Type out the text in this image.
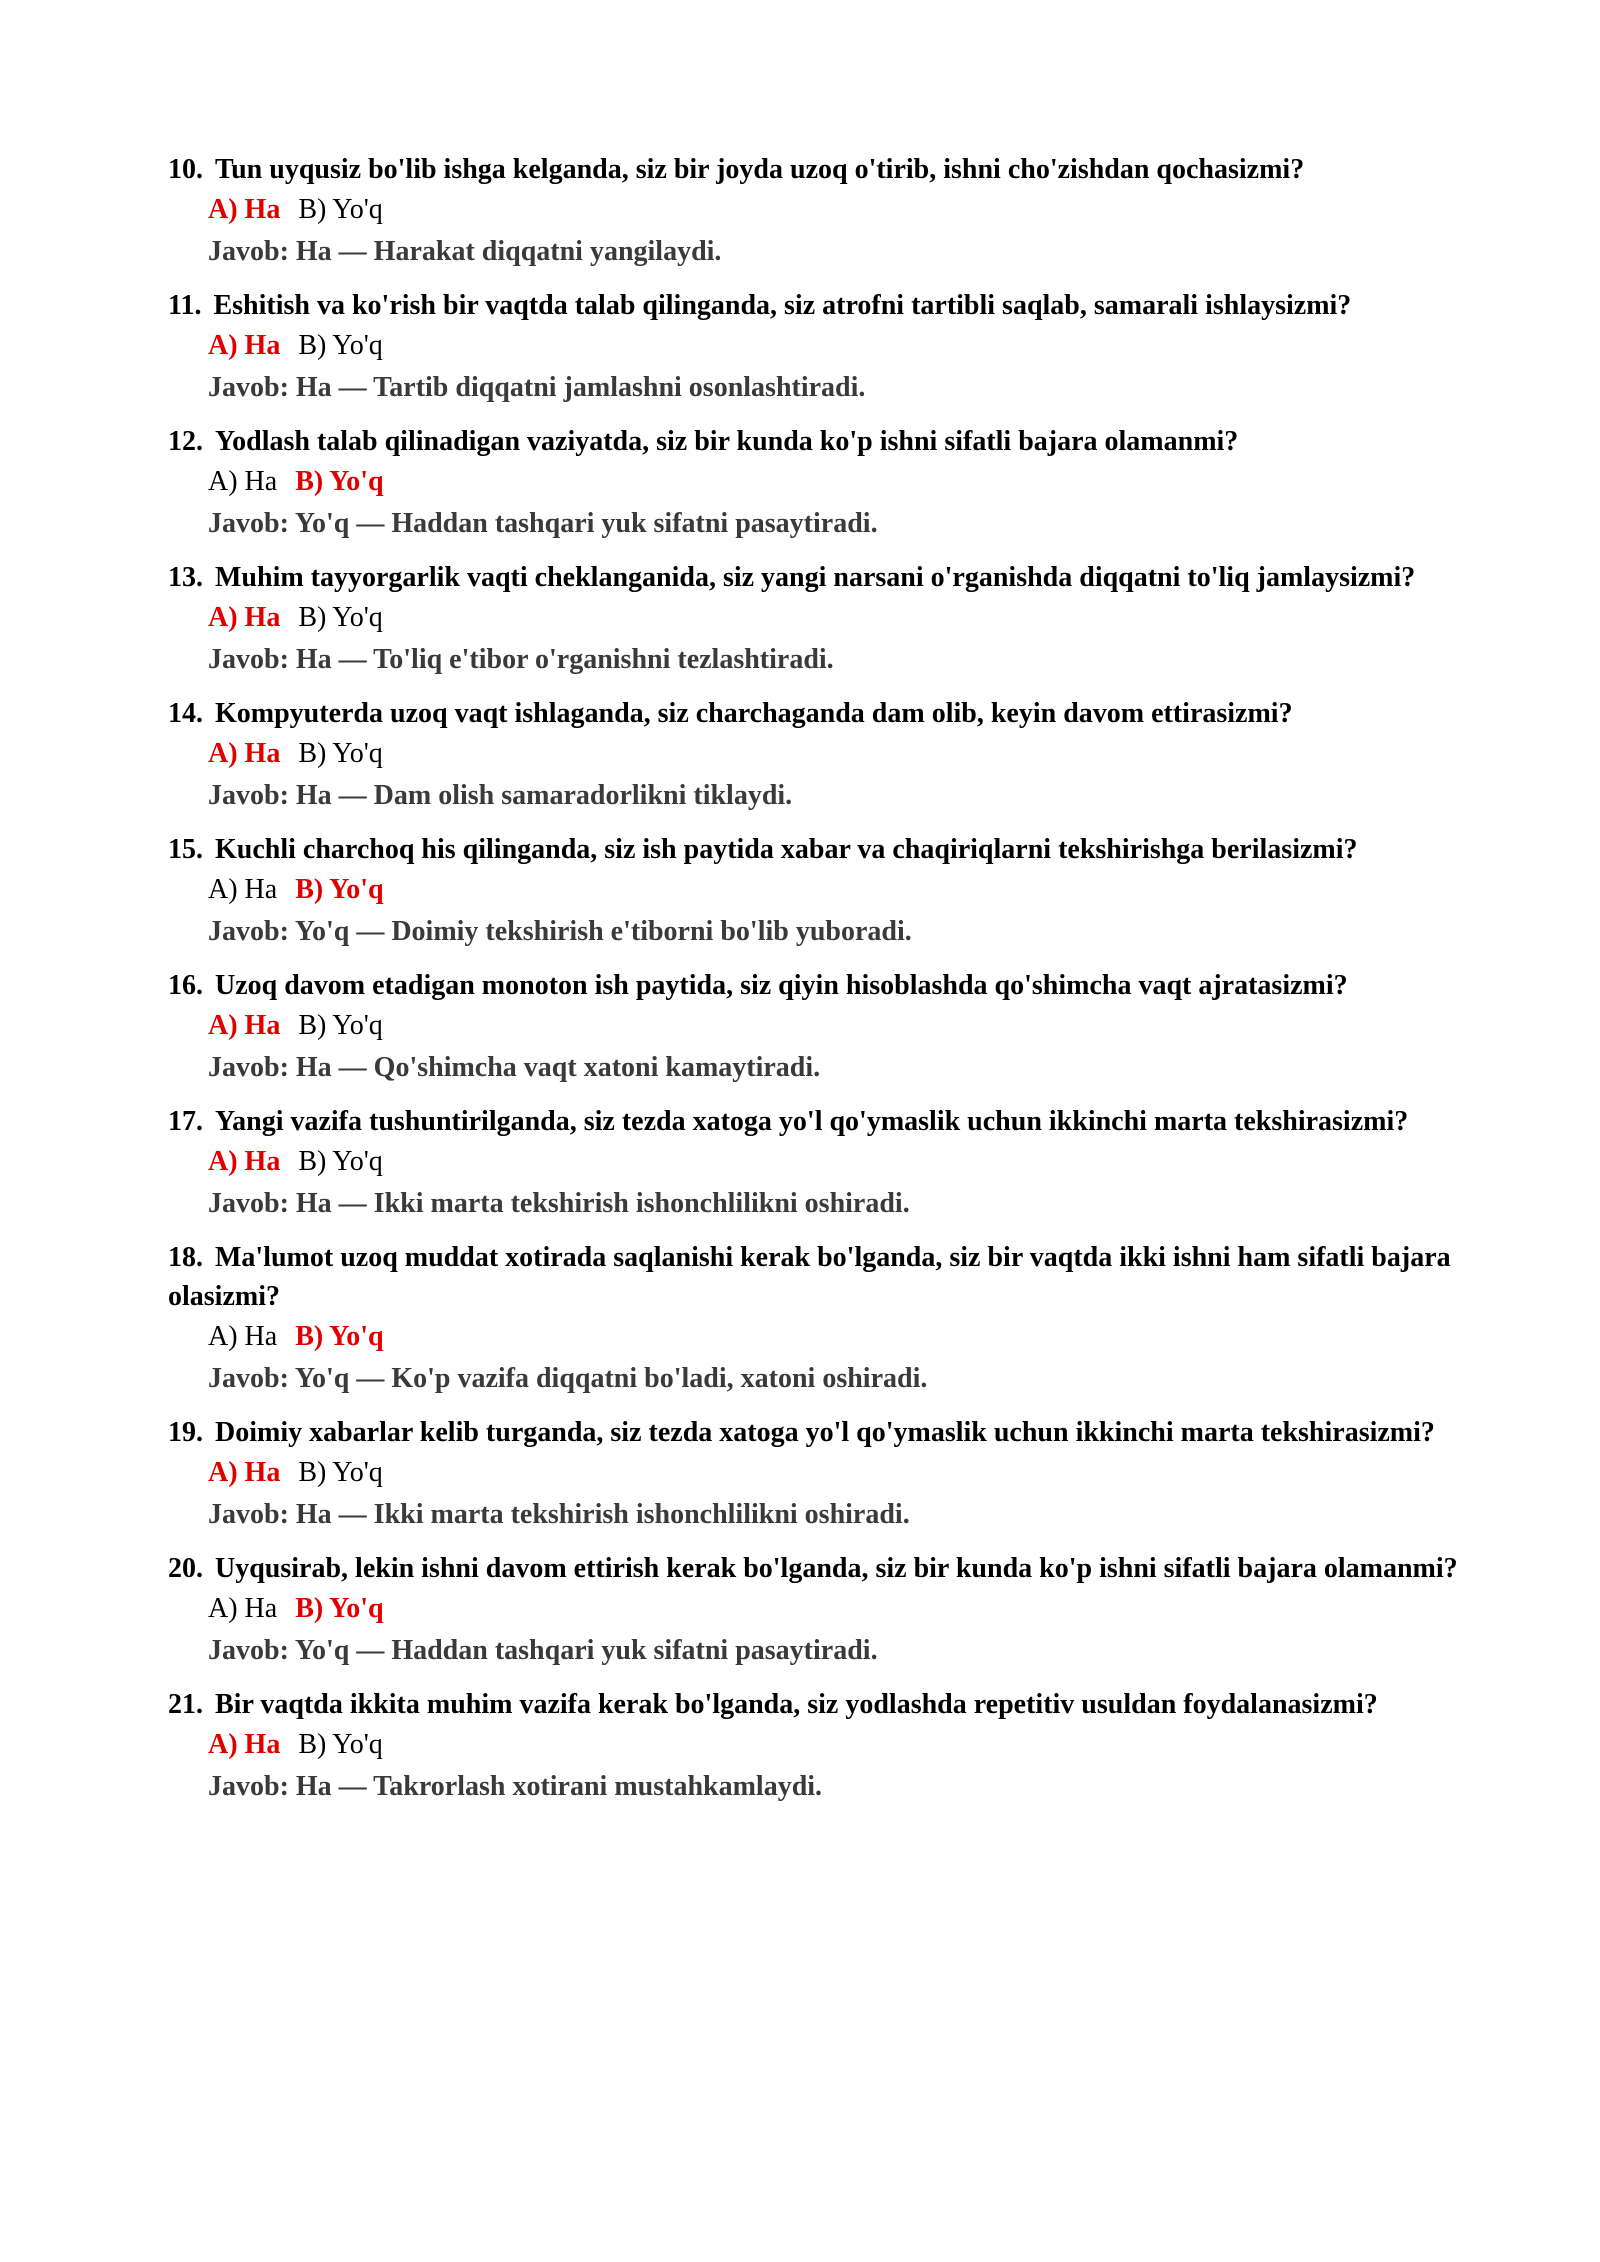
10. Tun uyqusiz bo'lib ishga kelganda, siz bir joyda uzoq o'tirib, ishni cho'zishdan qochasizmi?

A) Ha B) Yo'q
Javob: Ha — Harakat diqqatni yangilaydi.

11. Eshitish va ko'rish bir vaqtda talab qilinganda, siz atrofni tartibli saqlab, samarali ishlaysizmi?

A) Ha B) Yo'q
Javob: Ha — Tartib diqqatni jamlashni osonlashtiradi.

12. Yodlash talab qilinadigan vaziyatda, siz bir kunda ko'p ishni sifatli bajara olamanmi?

A) Ha B) Yo'q
Javob: Yo'q — Haddan tashqari yuk sifatni pasaytiradi.

13. Muhim tayyorgarlik vaqti cheklanganida, siz yangi narsani o'rganishda diqqatni to'liq jamlaysizmi?

A) Ha B) Yo'q
Javob: Ha — To'liq e'tibor o'rganishni tezlashtiradi.

14. Kompyuterda uzoq vaqt ishlaganda, siz charchaganda dam olib, keyin davom ettirasizmi?

A) Ha B) Yo'q
Javob: Ha — Dam olish samaradorlikni tiklaydi.

15. Kuchli charchoq his qilinganda, siz ish paytida xabar va chaqiriqlarni tekshirishga berilasizmi?

A) Ha B) Yo'q
Javob: Yo'q — Doimiy tekshirish e'tiborni bo'lib yuboradi.

16. Uzoq davom etadigan monoton ish paytida, siz qiyin hisoblashda qo'shimcha vaqt ajratasizmi?

A) Ha B) Yo'q
Javob: Ha — Qo'shimcha vaqt xatoni kamaytiradi.

17. Yangi vazifa tushuntirilganda, siz tezda xatoga yo'l qo'ymaslik uchun ikkinchi marta tekshirasizmi?

A) Ha B) Yo'q
Javob: Ha — Ikki marta tekshirish ishonchlilikni oshiradi.

18. Ma'lumot uzoq muddat xotirada saqlanishi kerak bo'lganda, siz bir vaqtda ikki ishni ham sifatli bajara olasizmi?

A) Ha B) Yo'q
Javob: Yo'q — Ko'p vazifa diqqatni bo'ladi, xatoni oshiradi.

19. Doimiy xabarlar kelib turganda, siz tezda xatoga yo'l qo'ymaslik uchun ikkinchi marta tekshirasizmi?

A) Ha B) Yo'q
Javob: Ha — Ikki marta tekshirish ishonchlilikni oshiradi.

20. Uyqusirab, lekin ishni davom ettirish kerak bo'lganda, siz bir kunda ko'p ishni sifatli bajara olamanmi?

A) Ha B) Yo'q
Javob: Yo'q — Haddan tashqari yuk sifatni pasaytiradi.

21. Bir vaqtda ikkita muhim vazifa kerak bo'lganda, siz yodlashda repetitiv usuldan foydalanasizmi?

A) Ha B) Yo'q
Javob: Ha — Takrorlash xotirani mustahkamlaydi.
